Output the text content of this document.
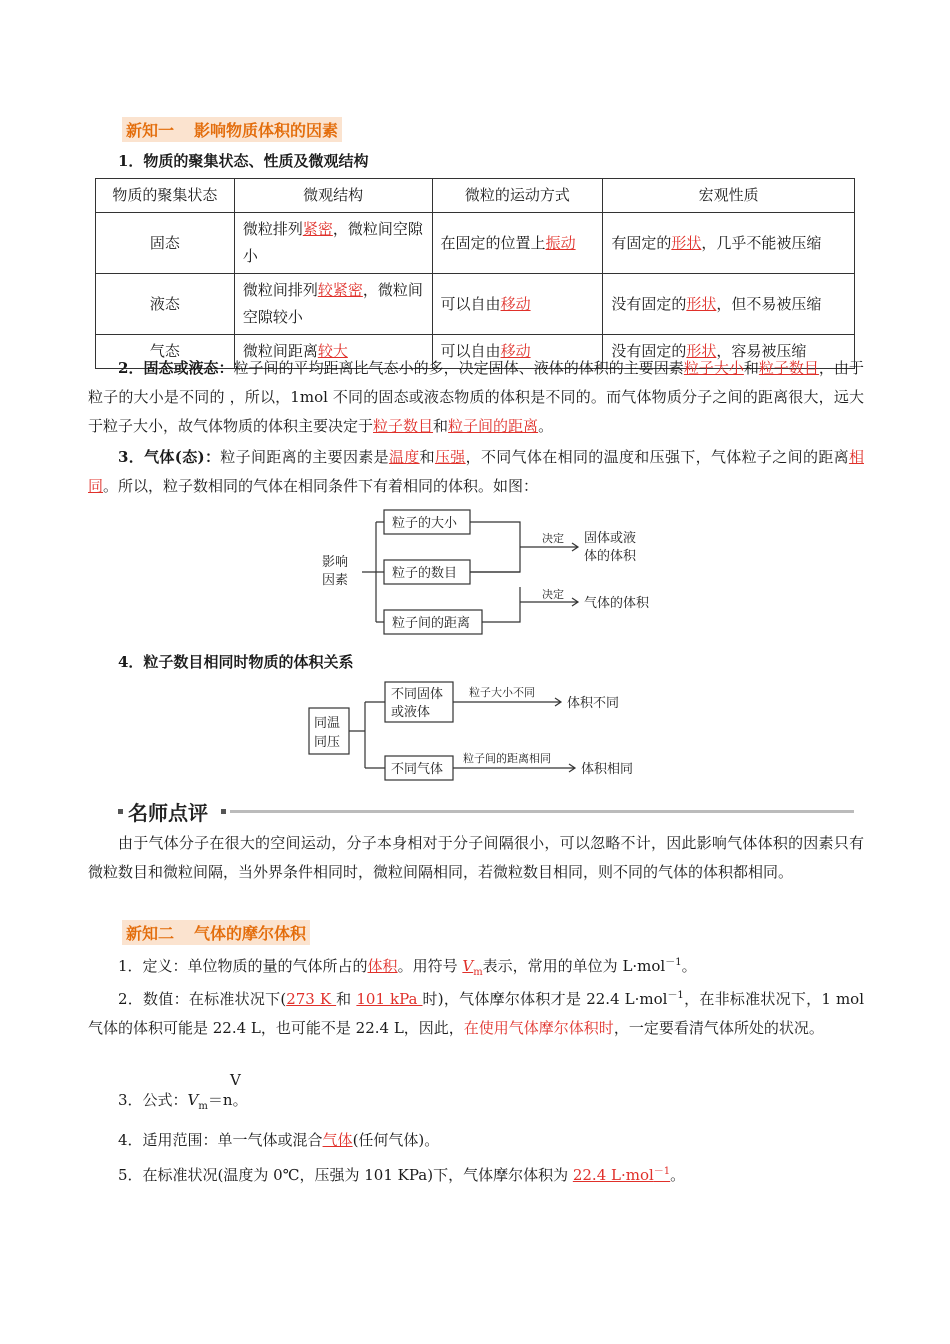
新知一 影响物质体积的因素
1．物质的聚集状态、性质及微观结构
物质的聚集状态	微观结构	微粒的运动方式	宏观性质
固态	微粒排列紧密，微粒间空隙小	在固定的位置上振动	有固定的形状，几乎不能被压缩
液态	微粒间排列较紧密，微粒间空隙较小	可以自由移动	没有固定的形状，但不易被压缩
气态	微粒间距离较大	可以自由移动	没有固定的形状，容易被压缩
2．固态或液态：粒子间的平均距离比气态小的多，决定固体、液体的体积的主要因素粒子大小和粒子数目，由于粒子的大小是不同的 ，所以，1mol 不同的固态或液态物质的体积是不同的。而气体物质分子之间的距离很大，远大于粒子大小，故气体物质的体积主要决定于粒子数目和粒子间的距离。
3．气体(态)：粒子间距离的主要因素是温度和压强，不同气体在相同的温度和压强下，气体粒子之间的距离相同。所以，粒子数相同的气体在相同条件下有着相同的体积。如图：
影响
因素
粒子的大小
粒子的数目
粒子间的距离
决定
决定
固体或液
体的体积
气体的体积
4．粒子数目相同时物质的体积关系
同温
同压
不同固体
或液体
不同气体
粒子大小不同
粒子间的距离相同
体积不同
体积相同
名师点评
由于气体分子在很大的空间运动，分子本身相对于分子间隔很小，可以忽略不计，因此影响气体体积的因素只有微粒数目和微粒间隔，当外界条件相同时，微粒间隔相同，若微粒数目相同，则不同的气体的体积都相同。
新知二 气体的摩尔体积
1．定义：单位物质的量的气体所占的体积。用符号 $V_m$表示，常用的单位为 L·mol$^{-1}$。
2．数值：在标准状况下(273 K 和 101 kPa 时)，气体摩尔体积才是 22.4 L·mol$^{-1}$，在非标准状况下，1 mol 气体的体积可能是 22.4 L，也可能不是 22.4 L，因此，在使用气体摩尔体积时，一定要看清气体所处的状况。
V
3．公式：$V_m=n$。
4．适用范围：单一气体或混合气体(任何气体)。
5．在标准状况(温度为 0℃，压强为 101 KPa)下，气体摩尔体积为 22.4 L·mol$^{-1}$。
